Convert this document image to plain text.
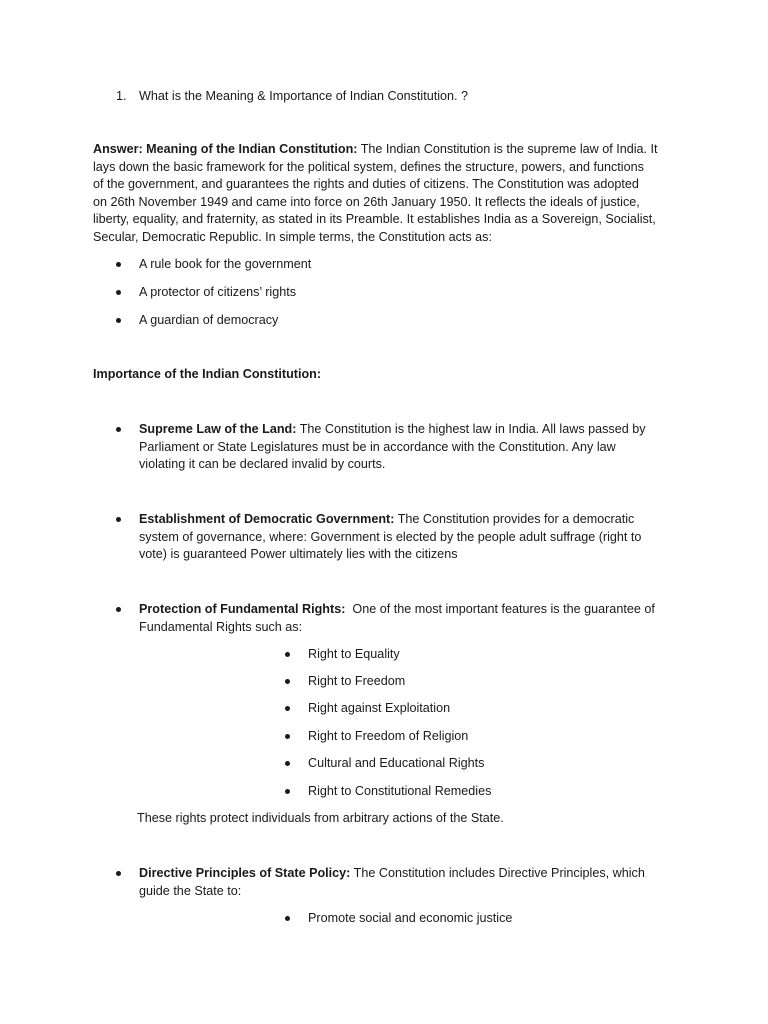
1. What is the Meaning & Importance of Indian Constitution. ?
Answer: Meaning of the Indian Constitution: The Indian Constitution is the supreme law of India. It
lays down the basic framework for the political system, defines the structure, powers, and functions
of the government, and guarantees the rights and duties of citizens. The Constitution was adopted
on 26th November 1949 and came into force on 26th January 1950. It reflects the ideals of justice,
liberty, equality, and fraternity, as stated in its Preamble. It establishes India as a Sovereign, Socialist,
Secular, Democratic Republic. In simple terms, the Constitution acts as:
A rule book for the government
A protector of citizens’ rights
A guardian of democracy
Importance of the Indian Constitution:
Supreme Law of the Land: The Constitution is the highest law in India. All laws passed by
Parliament or State Legislatures must be in accordance with the Constitution. Any law
violating it can be declared invalid by courts.
Establishment of Democratic Government: The Constitution provides for a democratic
system of governance, where: Government is elected by the people adult suffrage (right to
vote) is guaranteed Power ultimately lies with the citizens
Protection of Fundamental Rights:  One of the most important features is the guarantee of
Fundamental Rights such as:
Right to Equality
Right to Freedom
Right against Exploitation
Right to Freedom of Religion
Cultural and Educational Rights
Right to Constitutional Remedies
These rights protect individuals from arbitrary actions of the State.
Directive Principles of State Policy: The Constitution includes Directive Principles, which
guide the State to:
Promote social and economic justice
